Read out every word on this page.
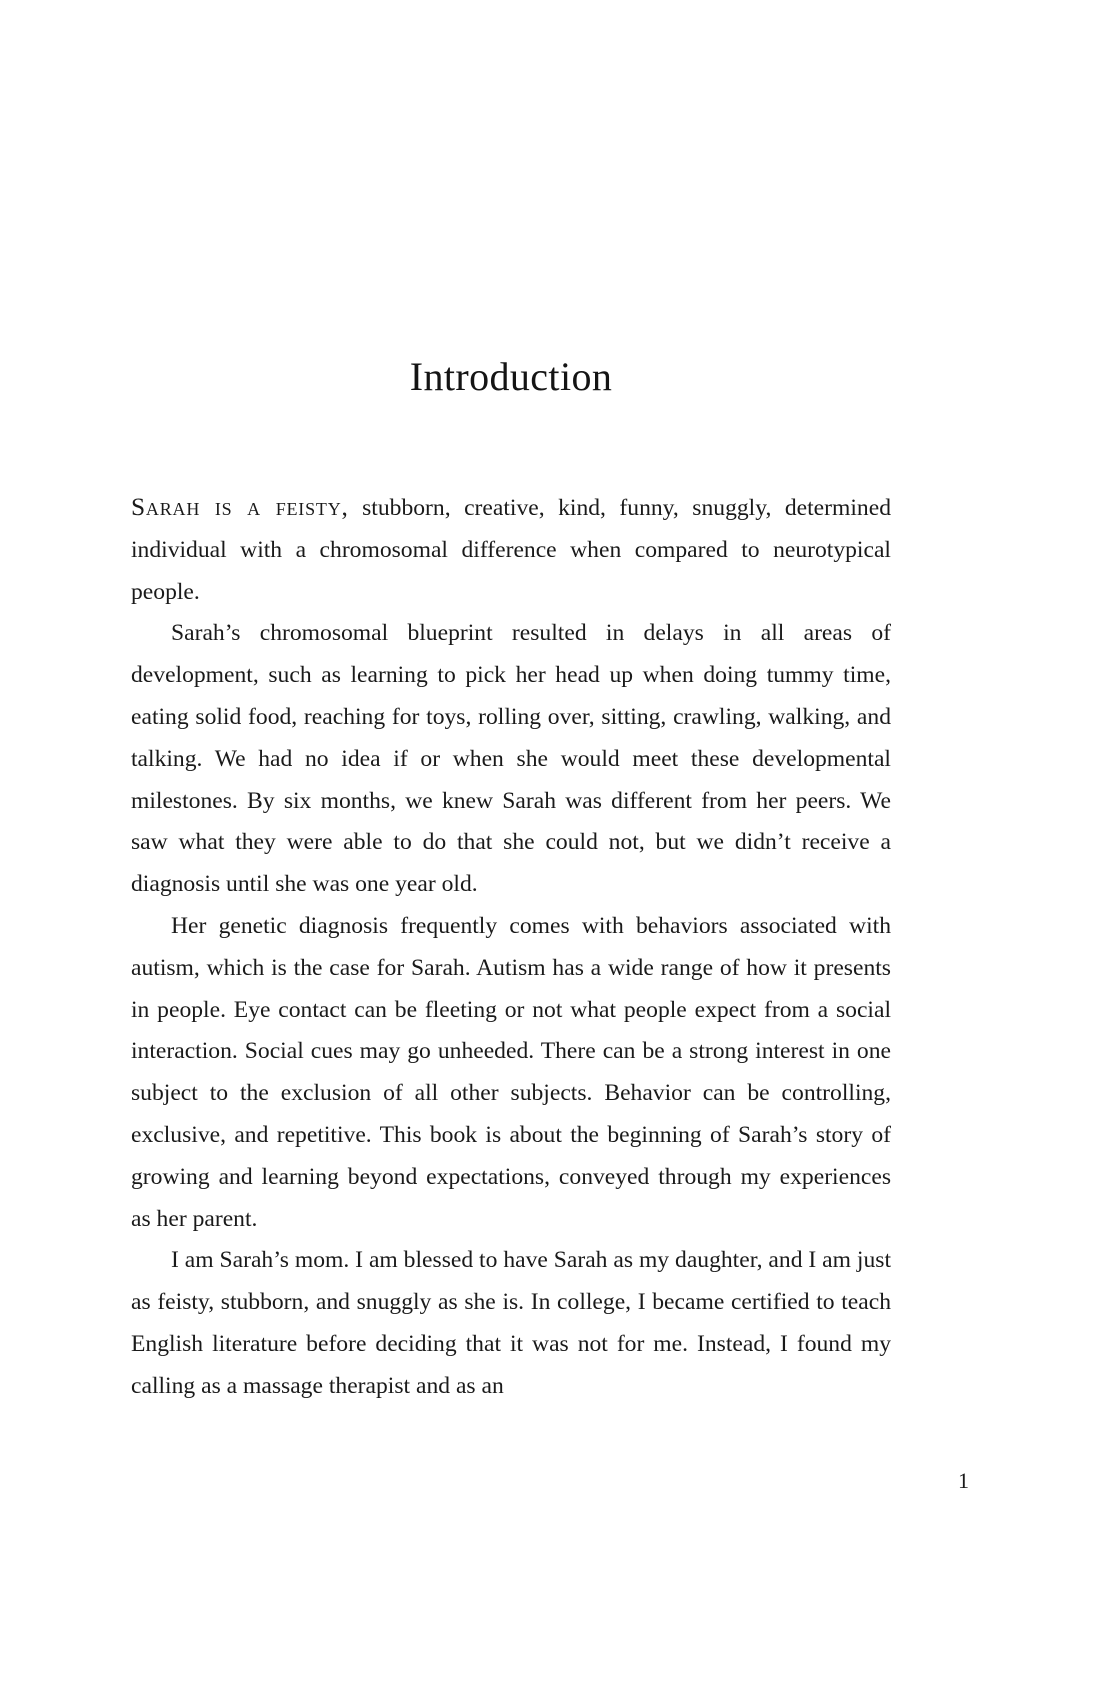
Introduction

Sarah is a feisty, stubborn, creative, kind, funny, snuggly, determined individual with a chromosomal difference when compared to neurotypical people.

Sarah’s chromosomal blueprint resulted in delays in all areas of development, such as learning to pick her head up when doing tummy time, eating solid food, reaching for toys, rolling over, sitting, crawling, walking, and talking. We had no idea if or when she would meet these developmental milestones. By six months, we knew Sarah was different from her peers. We saw what they were able to do that she could not, but we didn’t receive a diagnosis until she was one year old.

Her genetic diagnosis frequently comes with behaviors associated with autism, which is the case for Sarah. Autism has a wide range of how it presents in people. Eye contact can be fleeting or not what people expect from a social interaction. Social cues may go unheeded. There can be a strong interest in one subject to the exclusion of all other subjects. Behavior can be controlling, exclusive, and repetitive. This book is about the beginning of Sarah’s story of growing and learning beyond expectations, conveyed through my experiences as her parent.

I am Sarah’s mom. I am blessed to have Sarah as my daughter, and I am just as feisty, stubborn, and snuggly as she is. In college, I became certified to teach English literature before deciding that it was not for me. Instead, I found my calling as a massage therapist and as an

1
